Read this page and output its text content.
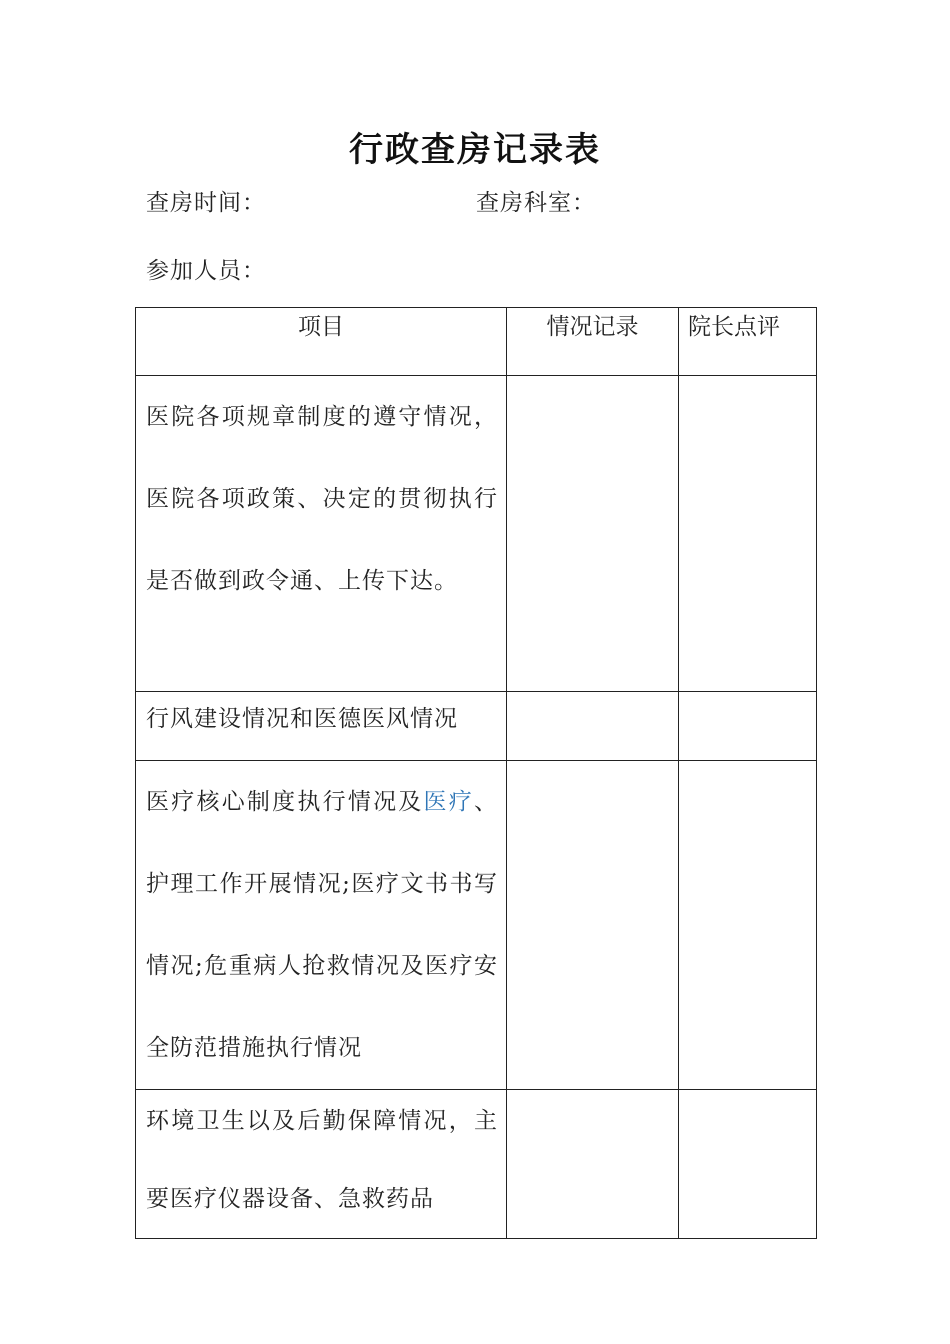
行政查房记录表
查房时间：	查房科室：
参加人员：
项目	情况记录	院长点评

医院各项规章制度的遵守情况，医院各项政策、决定的贯彻执行是否做到政令通、上传下达。		

行风建设情况和医德医风情况		

医疗核心制度执行情况及医疗、护理工作开展情况;医疗文书书写情况;危重病人抢救情况及医疗安全防范措施执行情况		

环境卫生以及后勤保障情况，主要医疗仪器设备、急救药品		
